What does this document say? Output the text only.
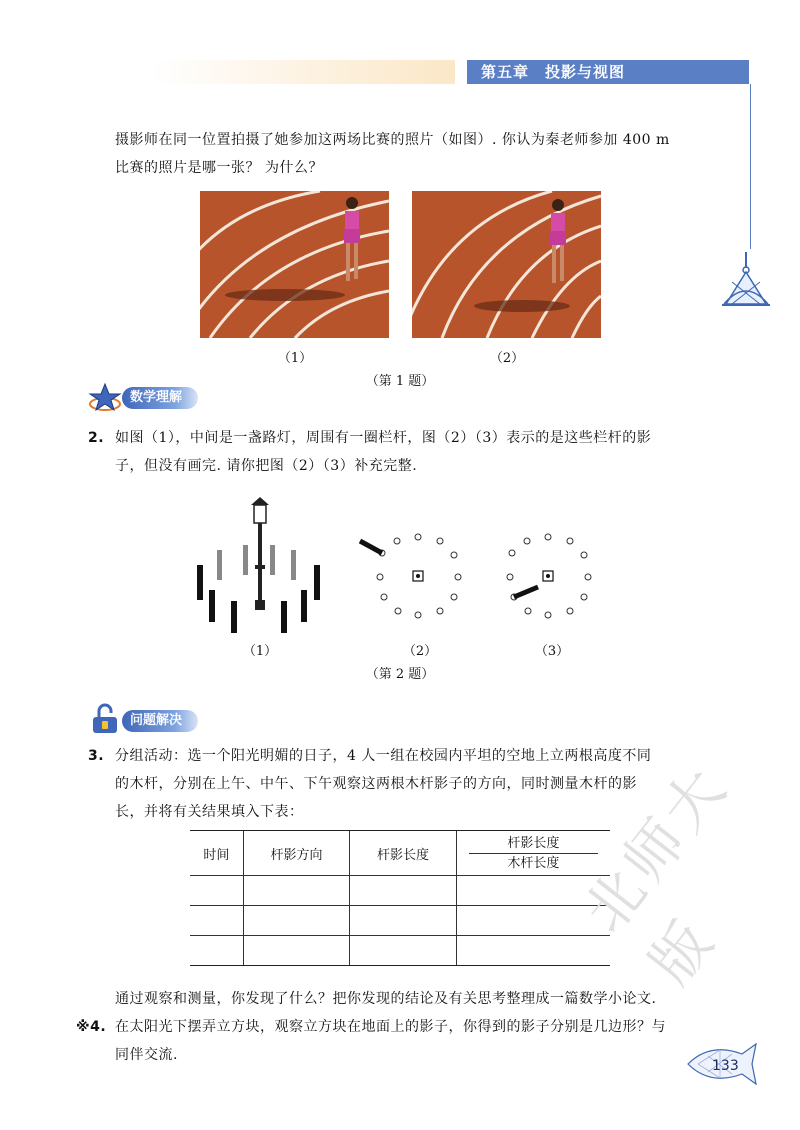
第五章　投影与视图
摄影师在同一位置拍摄了她参加这两场比赛的照片（如图）. 你认为秦老师参加 400 m
比赛的照片是哪一张？ 为什么？
（1）	（2）
（第 1 题）
数学理解
2. 如图（1），中间是一盏路灯，周围有一圈栏杆，图（2）（3）表示的是这些栏杆的影
子，但没有画完. 请你把图（2）（3）补充完整.
（1）	（2）	（3）
（第 2 题）
问题解决
3. 分组活动：选一个阳光明媚的日子，4 人一组在校园内平坦的空地上立两根高度不同
的木杆，分别在上午、中午、下午观察这两根木杆影子的方向，同时测量木杆的影
长，并将有关结果填入下表：
时间	杆影方向	杆影长度	杆影长度
木杆长度

通过观察和测量，你发现了什么？把你发现的结论及有关思考整理成一篇数学小论文.
※4. 在太阳光下摆弄立方块，观察立方块在地面上的影子，你得到的影子分别是几边形？与
同伴交流.
北师大版
133
